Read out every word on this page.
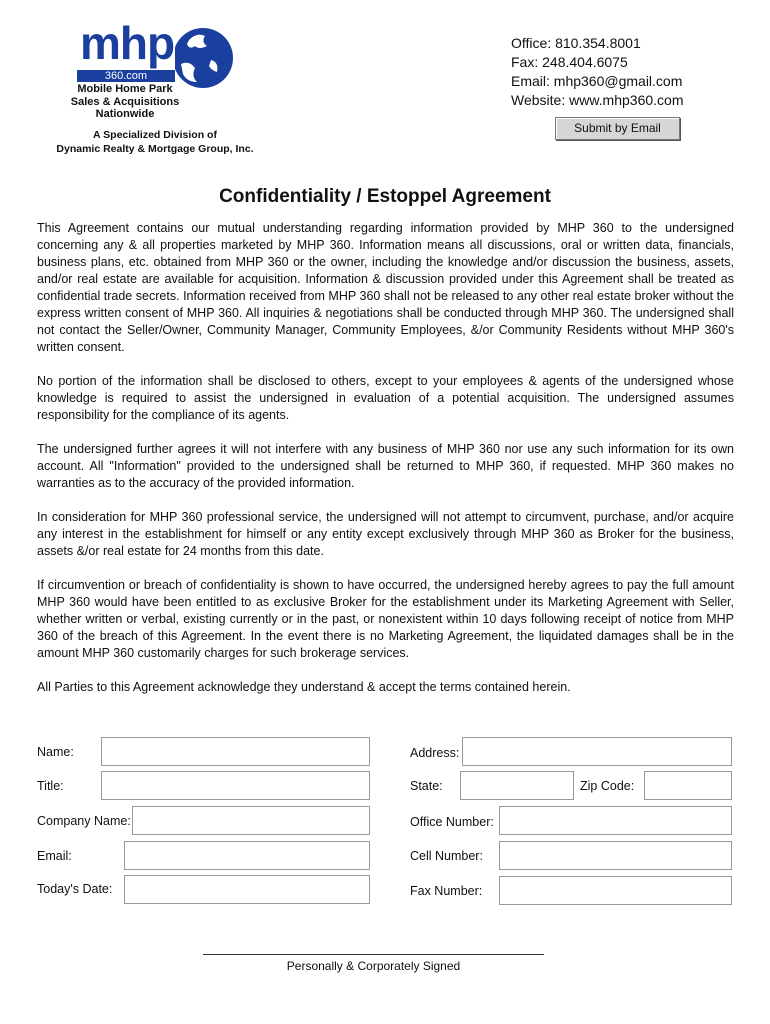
mhp
360.com
Mobile Home Park
Sales & Acquisitions
Nationwide
A Specialized Division of
Dynamic Realty & Mortgage Group, Inc.
Office: 810.354.8001
Fax: 248.404.6075
Email: mhp360@gmail.com
Website: www.mhp360.com
Submit by Email
Confidentiality / Estoppel Agreement

This Agreement contains our mutual understanding regarding information provided by MHP 360 to the undersigned concerning any & all properties marketed by MHP 360. Information means all discussions, oral or written data, financials, business plans, etc. obtained from MHP 360 or the owner, including the knowledge and/or discussion the business, assets, and/or real estate are available for acquisition. Information & discussion provided under this Agreement shall be treated as confidential trade secrets. Information received from MHP 360 shall not be released to any other real estate broker without the express written consent of MHP 360. All inquiries & negotiations shall be conducted through MHP 360. The undersigned shall not contact the Seller/Owner, Community Manager, Community Employees, &/or Community Residents without MHP 360's written consent.

No portion of the information shall be disclosed to others, except to your employees & agents of the undersigned whose knowledge is required to assist the undersigned in evaluation of a potential acquisition. The undersigned assumes responsibility for the compliance of its agents.

The undersigned further agrees it will not interfere with any business of MHP 360 nor use any such information for its own account. All "Information" provided to the undersigned shall be returned to MHP 360, if requested. MHP 360 makes no warranties as to the accuracy of the provided information.

In consideration for MHP 360 professional service, the undersigned will not attempt to circumvent, purchase, and/or acquire any interest in the establishment for himself or any entity except exclusively through MHP 360 as Broker for the business, assets &/or real estate for 24 months from this date.

If circumvention or breach of confidentiality is shown to have occurred, the undersigned hereby agrees to pay the full amount MHP 360 would have been entitled to as exclusive Broker for the establishment under its Marketing Agreement with Seller, whether written or verbal, existing currently or in the past, or nonexistent within 10 days following receipt of notice from MHP 360 of the breach of this Agreement. In the event there is no Marketing Agreement, the liquidated damages shall be in the amount MHP 360 customarily charges for such brokerage services.

All Parties to this Agreement acknowledge they understand & accept the terms contained herein.

Name:
Title:
Company Name:
Email:
Today's Date:
Address:
State:	Zip Code:
Office Number:
Cell Number:
Fax Number:
Personally & Corporately Signed
